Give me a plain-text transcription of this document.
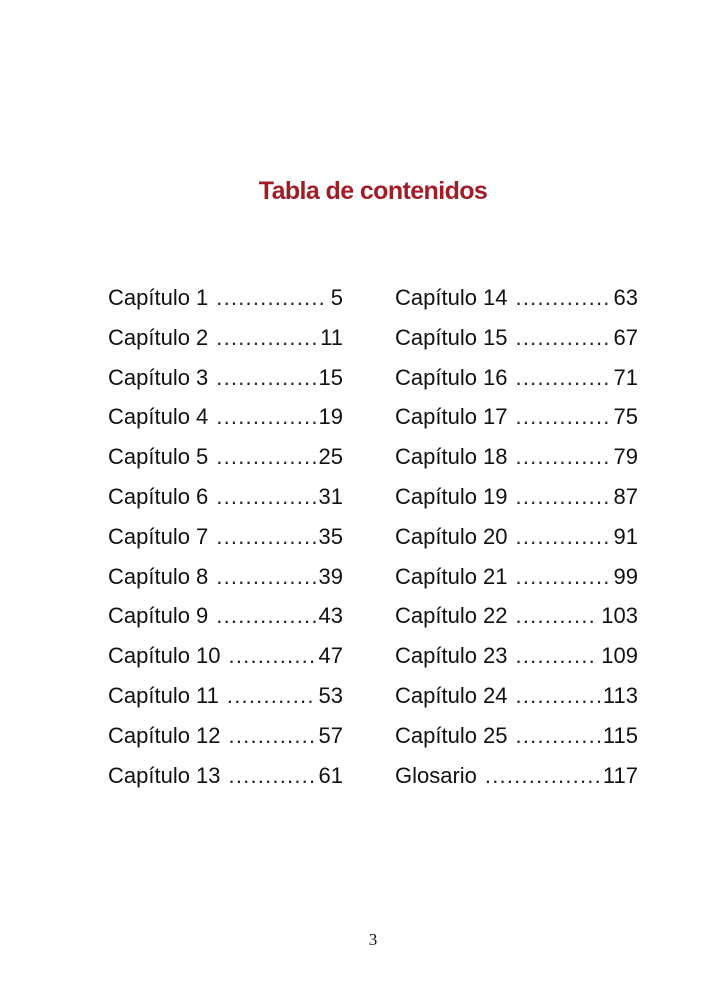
Tabla de contenidos
Capítulo 1 .....	5
Capítulo 2 .....	11
Capítulo 3 .....	15
Capítulo 4 .....	19
Capítulo 5 .....	25
Capítulo 6 .....	31
Capítulo 7 .....	35
Capítulo 8 .....	39
Capítulo 9 .....	43
Capítulo 10 .....	47
Capítulo 11 .....	53
Capítulo 12 .....	57
Capítulo 13 .....	61
Capítulo 14 .....	63
Capítulo 15 .....	67
Capítulo 16 .....	71
Capítulo 17 .....	75
Capítulo 18 .....	79
Capítulo 19 .....	87
Capítulo 20 .....	91
Capítulo 21 .....	99
Capítulo 22 .....	103
Capítulo 23 .....	109
Capítulo 24 .....	113
Capítulo 25 .....	115
Glosario .....	117
3
